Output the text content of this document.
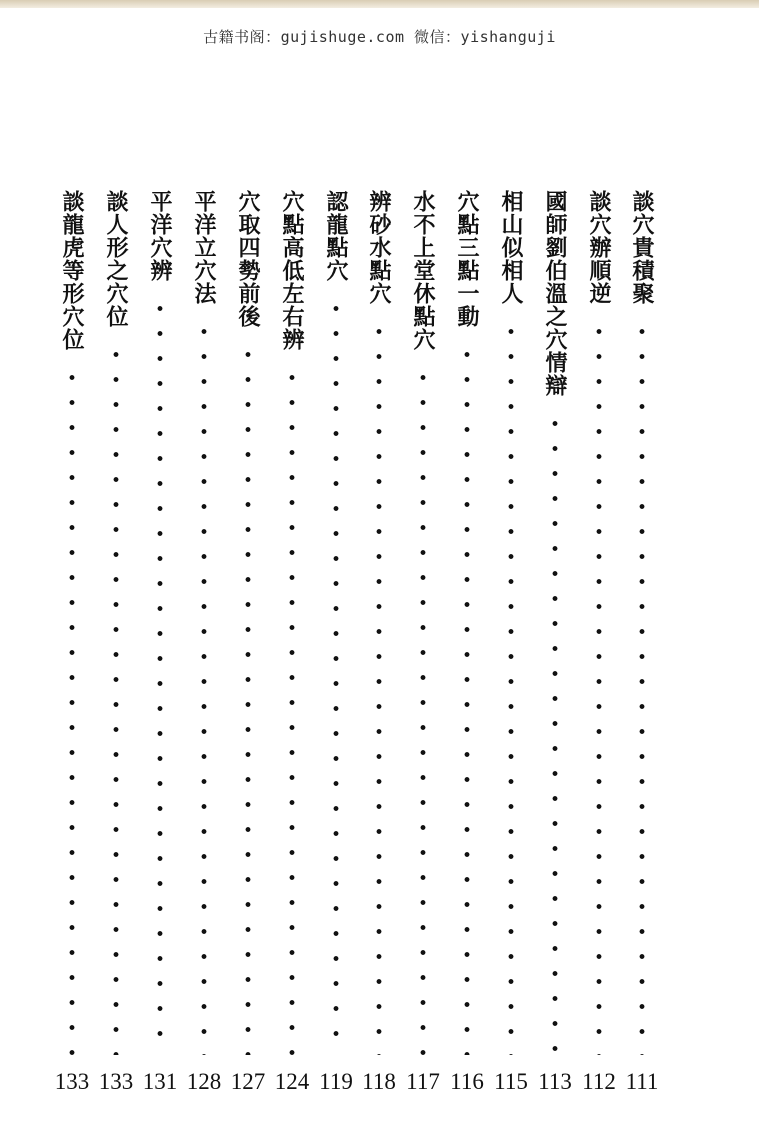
古籍书阁：gujishuge.com 微信：yishanguji
談穴貴積聚
111
談穴辦順逆
112
國師劉伯溫之穴情辯
113
相山似相人
115
穴點三點一動
116
水不上堂休點穴
117
辨砂水點穴
118
認龍點穴
119
穴點高低左右辨
124
穴取四勢前後
127
平洋立穴法
128
平洋穴辨
131
談人形之穴位
133
談龍虎等形穴位
133
